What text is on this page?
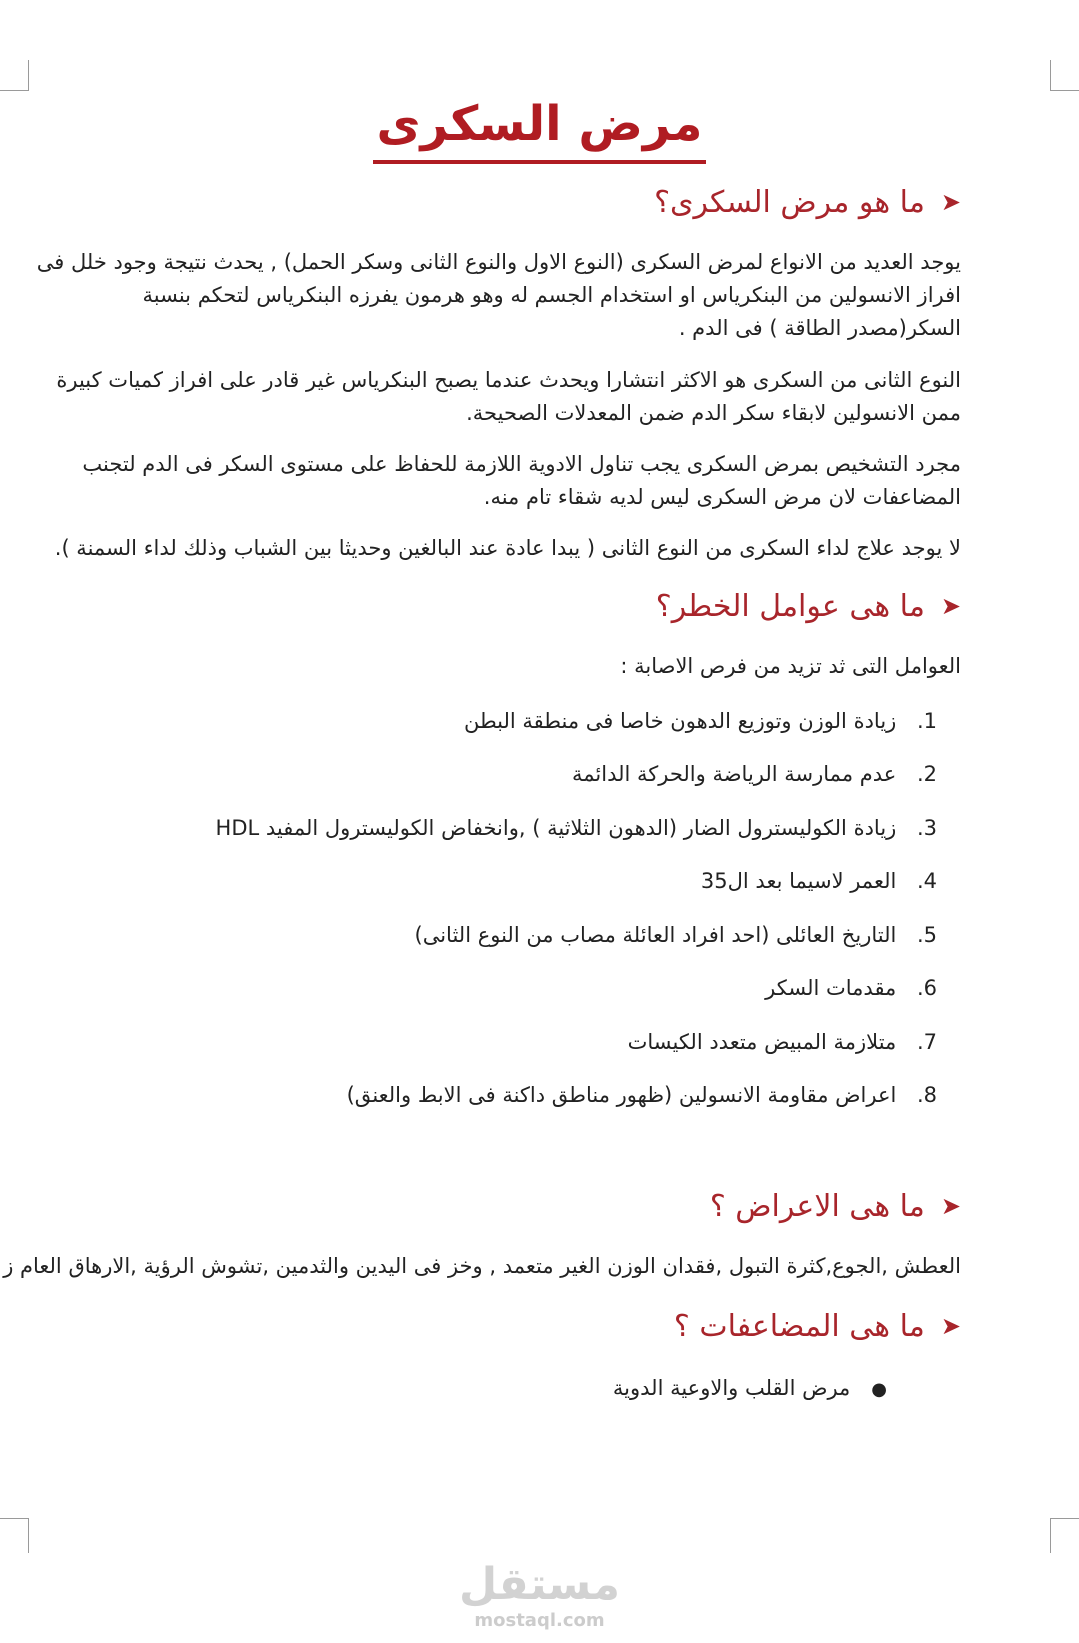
مرض السكرى
➤ما هو مرض السكرى؟
يوجد العديد من الانواع لمرض السكرى (النوع الاول والنوع الثانى وسكر الحمل) , يحدث نتيجة وجود خلل فى افراز الانسولين من البنكرياس او استخدام الجسم له وهو هرمون يفرزه البنكرياس لتحكم بنسبة السكر(مصدر الطاقة ) فى الدم .
النوع الثانى من السكرى هو الاكثر انتشارا ويحدث عندما يصبح البنكرياس غير قادر على افراز كميات كبيرة ممن الانسولين لابقاء سكر الدم ضمن المعدلات الصحيحة.
مجرد التشخيص بمرض السكرى يجب تناول الادوية اللازمة للحفاظ على مستوى السكر فى الدم لتجنب المضاعفات لان مرض السكرى ليس لديه شقاء تام منه.
لا يوجد علاج لداء السكرى من النوع الثانى ( يبدا عادة عند البالغين وحديثا بين الشباب وذلك لداء السمنة ).
➤ما هى عوامل الخطر؟
العوامل التى ثد تزيد من فرص الاصابة :
1. زيادة الوزن وتوزيع الدهون خاصا فى منطقة البطن
2. عدم ممارسة الرياضة والحركة الدائمة
3. زيادة الكوليسترول الضار (الدهون الثلاثية ) ,وانخفاض الكوليسترول المفيد HDL
4. العمر لاسيما بعد ال35
5. التاريخ العائلى (احد افراد العائلة مصاب من النوع الثانى)
6. مقدمات السكر
7. متلازمة المبيض متعدد الكيسات
8. اعراض مقاومة الانسولين (ظهور مناطق داكنة فى الابط والعنق)
➤ما هى الاعراض ؟
العطش ,الجوع,كثرة التبول ,فقدان الوزن الغير متعمد , وخز فى اليدين والثدمين ,تشوش الرؤية ,الارهاق العام ز
➤ما هى المضاعفات ؟
● مرض القلب والاوعية الدوية
مستقل
mostaql.com
